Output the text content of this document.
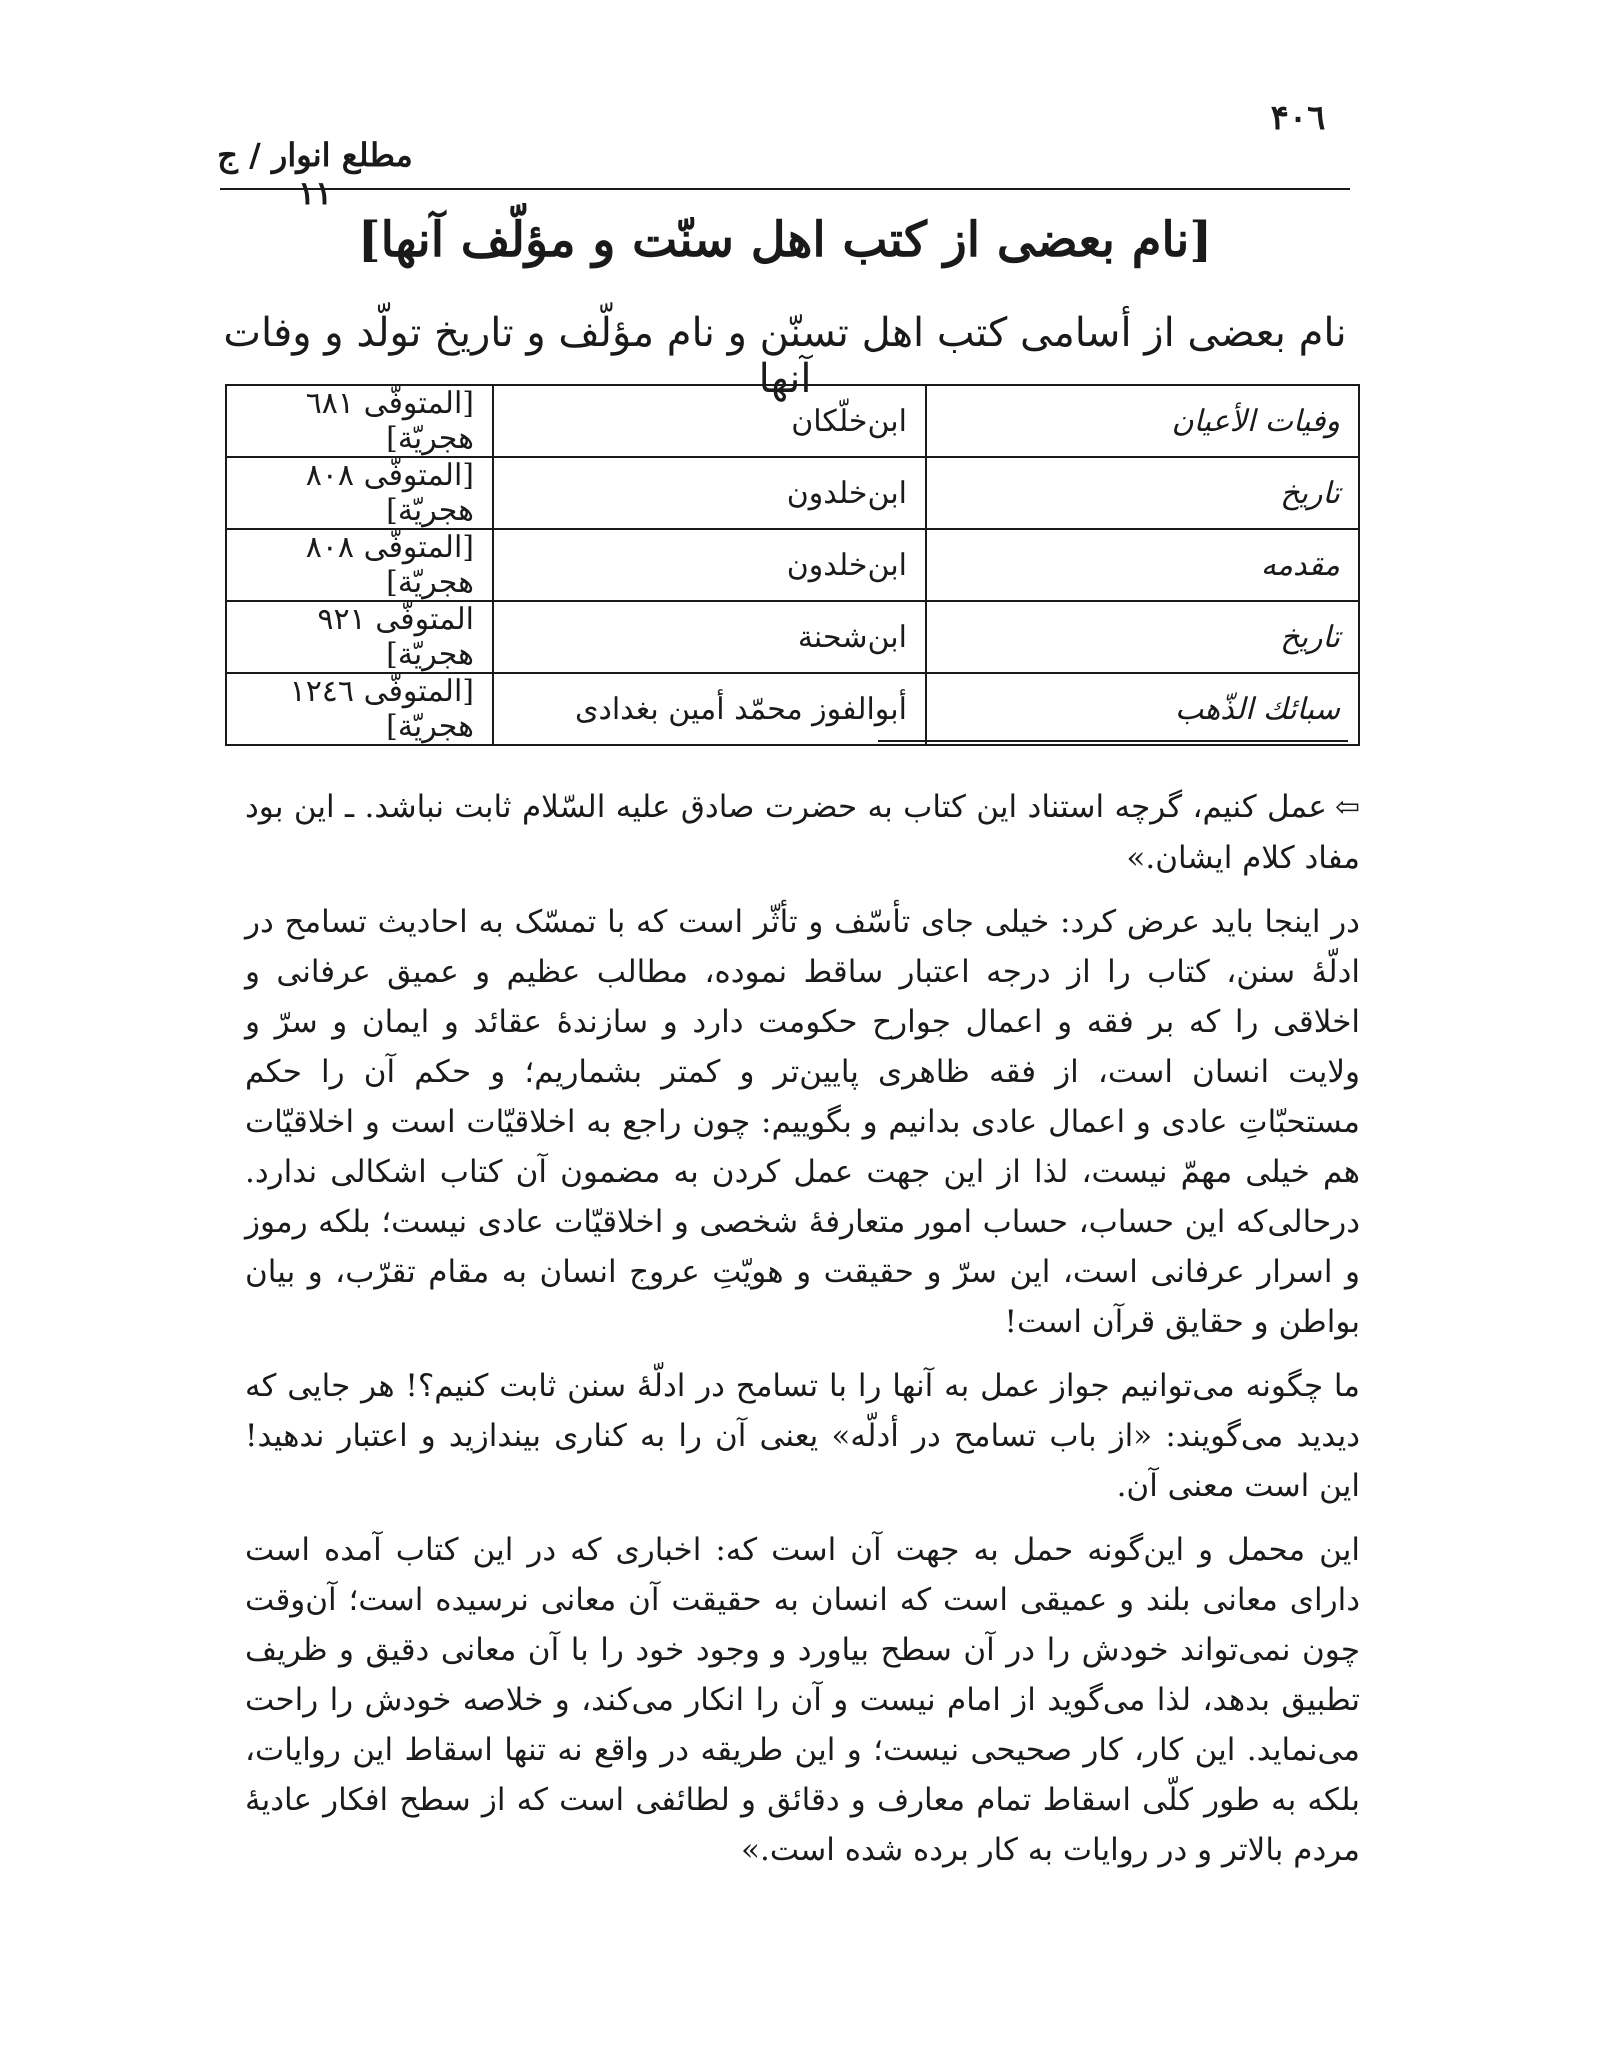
۴۰٦
مطلع انوار / ج ۱۱
[نام بعضی از کتب اهل سنّت و مؤلّف آنها]
نام بعضی از أسامی کتب اهل تسنّن و نام مؤلّف و تاریخ تولّد و وفات آنها
وفیات الأعیان	ابن‌خلّکان	[المتوفّی ٦٨١ هجریّة]
تاریخ	ابن‌خلدون	[المتوفّی ٨٠٨ هجریّة]
مقدمه	ابن‌خلدون	[المتوفّی ٨٠٨ هجریّة]
تاریخ	ابن‌شحنة	المتوفّی ٩٢١ هجریّة]
سبائك الذّهب	أبوالفوز محمّد أمین بغدادی	[المتوفّی ١٢٤٦ هجریّة]

⇦عمل کنیم، گرچه استناد این کتاب به حضرت صادق علیه السّلام ثابت نباشد. ـ این بود مفاد کلام ایشان.»

در اینجا باید عرض کرد: خیلی جای تأسّف و تأثّر است که با تمسّک به احادیث تسامح در ادلّهٔ سنن، کتاب را از درجه اعتبار ساقط نموده، مطالب عظیم و عمیق عرفانی و اخلاقی را که بر فقه و اعمال جوارح حکومت دارد و سازندهٔ عقائد و ایمان و سرّ و ولایت انسان است، از فقه ظاهری پایین‌تر و کمتر بشماریم؛ و حکم آن را حکم مستحبّاتِ عادی و اعمال عادی بدانیم و بگوییم: چون راجع به اخلاقیّات است و اخلاقیّات هم خیلی مهمّ نیست، لذا از این جهت عمل کردن به مضمون آن کتاب اشکالی ندارد. درحالی‌که این حساب، حساب امور متعارفهٔ شخصی و اخلاقیّات عادی نیست؛ بلکه رموز و اسرار عرفانی است، این سرّ و حقیقت و هویّتِ عروج انسان به مقام تقرّب، و بیان بواطن و حقایق قرآن است!

ما چگونه می‌توانیم جواز عمل به آنها را با تسامح در ادلّهٔ سنن ثابت کنیم؟! هر جایی که دیدید می‌گویند: «از باب تسامح در أدلّه» یعنی آن را به کناری بیندازید و اعتبار ندهید! این است معنی آن.

این محمل و این‌گونه حمل به جهت آن است که: اخباری که در این کتاب آمده است دارای معانی بلند و عمیقی است که انسان به حقیقت آن معانی نرسیده است؛ آن‌وقت چون نمی‌تواند خودش را در آن سطح بیاورد و وجود خود را با آن معانی دقیق و ظریف تطبیق بدهد، لذا می‌گوید از امام نیست و آن را انکار می‌کند، و خلاصه خودش را راحت می‌نماید. این کار، کار صحیحی نیست؛ و این طریقه در واقع نه تنها اسقاط این روایات، بلکه به طور کلّی اسقاط تمام معارف و دقائق و لطائفی است که از سطح افکار عادیهٔ مردم بالاتر و در روایات به کار برده شده است.»
